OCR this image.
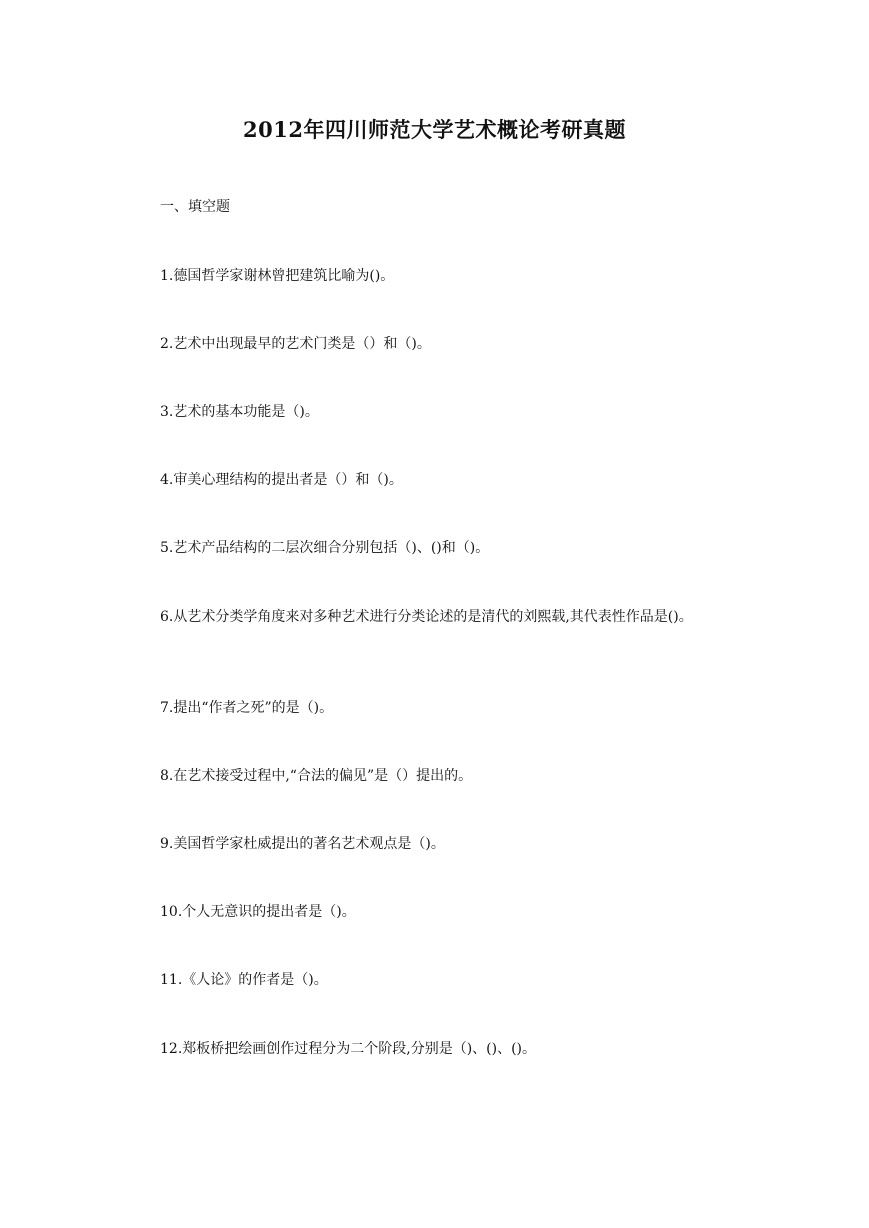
2012年四川师范大学艺术概论考研真题
一、填空题
1.德国哲学家谢林曾把建筑比喻为()。
2.艺术中出现最早的艺术门类是（）和（)。
3.艺术的基本功能是（)。
4.审美心理结构的提出者是（）和（)。
5.艺术产品结构的二层次细合分别包括（)、()和（)。
6.从艺术分类学角度来对多种艺术进行分类论述的是清代的刘熙载,其代表性作品是()。
7.提出“作者之死”的是（)。
8.在艺术接受过程中,“合法的偏见”是（）提出的。
9.美国哲学家杜威提出的著名艺术观点是（)。
10.个人无意识的提出者是（)。
11.《人论》的作者是（)。
12.郑板桥把绘画创作过程分为二个阶段,分别是（)、()、()。
